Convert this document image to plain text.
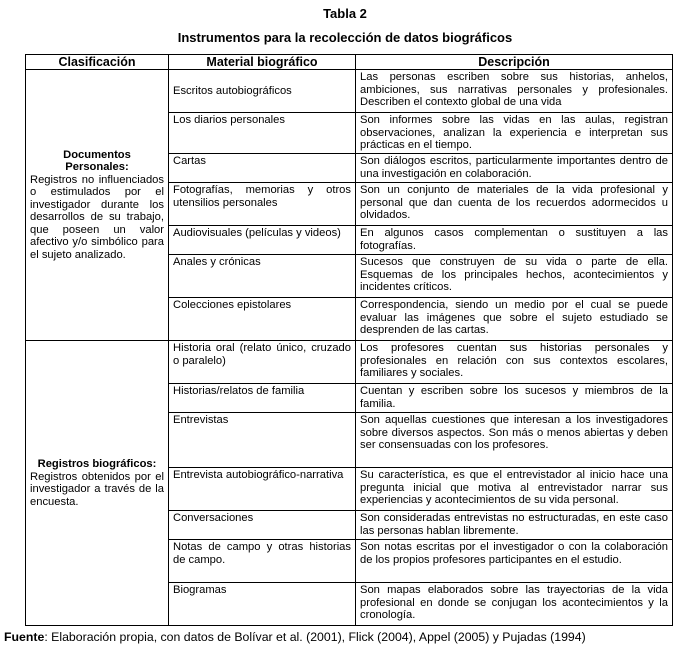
Tabla 2
Instrumentos para la recolección de datos biográficos
Clasificación	Material biográfico	Descripción

Documentos Personales:
Registros no influenciados o estimulados por el investigador durante los desarrollos de su trabajo, que poseen un valor afectivo y/o simbólico para el sujeto analizado.	Escritos autobiográficos	Las personas escriben sobre sus historias, anhelos, ambiciones, sus narrativas personales y profesionales. Describen el contexto global de una vida
	Los diarios personales	Son informes sobre las vidas en las aulas, registran observaciones, analizan la experiencia e interpretan sus prácticas en el tiempo.
	Cartas	Son diálogos escritos, particularmente importantes dentro de una investigación en colaboración.
	Fotografías, memorias y otros utensilios personales	Son un conjunto de materiales de la vida profesional y personal que dan cuenta de los recuerdos adormecidos u olvidados.
	Audiovisuales (películas y videos)	En algunos casos complementan o sustituyen a las fotografías.
	Anales y crónicas	Sucesos que construyen de su vida o parte de ella. Esquemas de los principales hechos, acontecimientos y incidentes críticos.
	Colecciones epistolares	Correspondencia, siendo un medio por el cual se puede evaluar las imágenes que sobre el sujeto estudiado se desprenden de las cartas.

Registros biográficos:
Registros obtenidos por el investigador a través de la encuesta.	Historia oral (relato único, cruzado o paralelo)	Los profesores cuentan sus historias personales y profesionales en relación con sus contextos escolares, familiares y sociales.
	Historias/relatos de familia	Cuentan y escriben sobre los sucesos y miembros de la familia.
	Entrevistas	Son aquellas cuestiones que interesan a los investigadores sobre diversos aspectos. Son más o menos abiertas y deben ser consensuadas con los profesores.
	Entrevista autobiográfico-narrativa	Su característica, es que el entrevistador al inicio hace una pregunta inicial que motiva al entrevistador narrar sus experiencias y acontecimientos de su vida personal.
	Conversaciones	Son consideradas entrevistas no estructuradas, en este caso las personas hablan libremente.
	Notas de campo y otras historias de campo.	Son notas escritas por el investigador o con la colaboración de los propios profesores participantes en el estudio.
	Biogramas	Son mapas elaborados sobre las trayectorias de la vida profesional en donde se conjugan los acontecimientos y la cronología.
Fuente: Elaboración propia, con datos de Bolívar et al. (2001), Flick (2004), Appel (2005) y Pujadas (1994)
